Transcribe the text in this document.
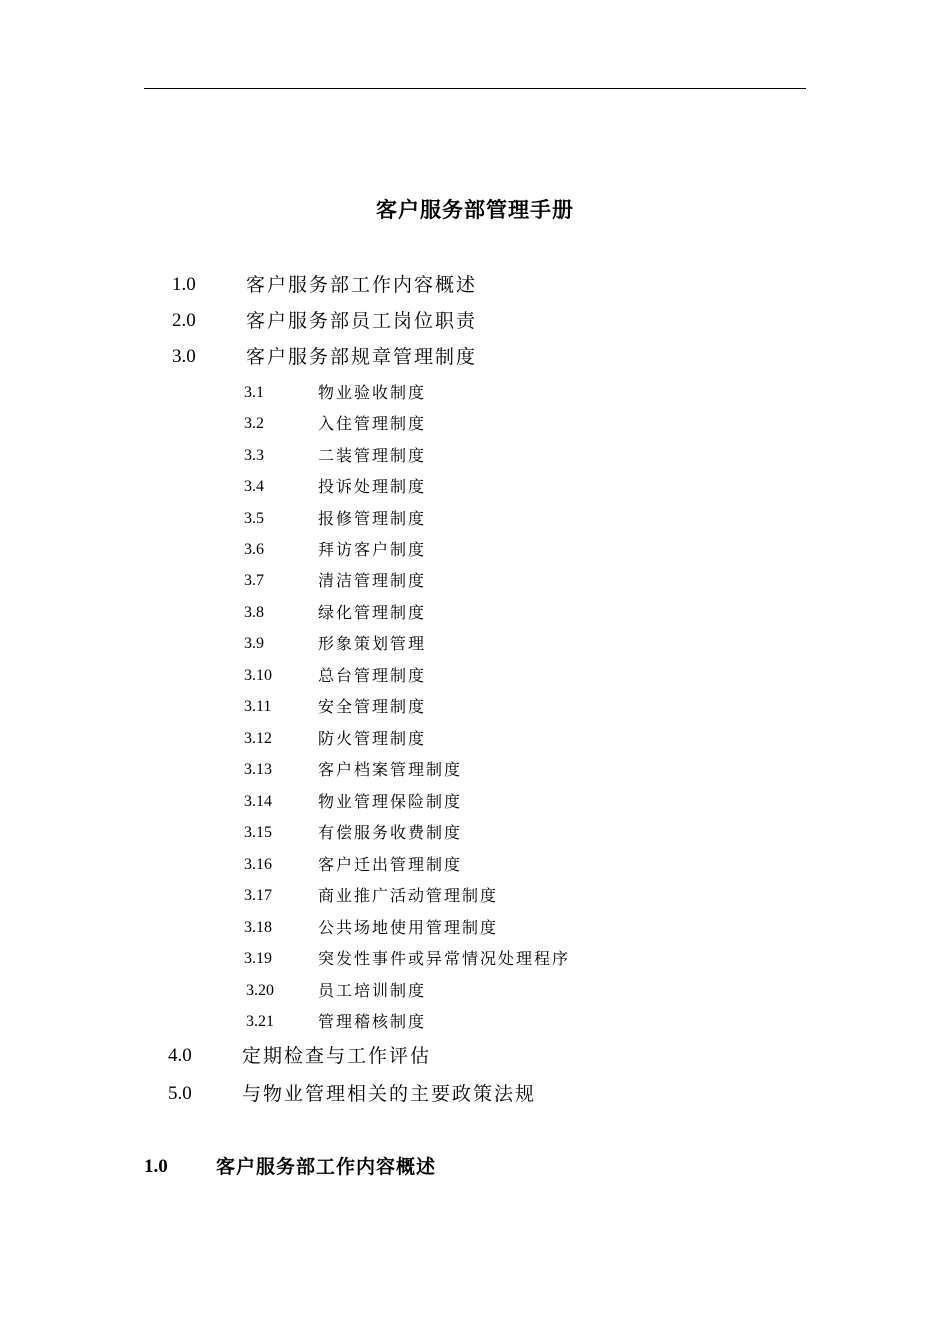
客户服务部管理手册
1.0	客户服务部工作内容概述
2.0	客户服务部员工岗位职责
3.0	客户服务部规章管理制度
3.1	物业验收制度
3.2	入住管理制度
3.3	二装管理制度
3.4	投诉处理制度
3.5	报修管理制度
3.6	拜访客户制度
3.7	清洁管理制度
3.8	绿化管理制度
3.9	形象策划管理
3.10	总台管理制度
3.11	安全管理制度
3.12	防火管理制度
3.13	客户档案管理制度
3.14	物业管理保险制度
3.15	有偿服务收费制度
3.16	客户迁出管理制度
3.17	商业推广活动管理制度
3.18	公共场地使用管理制度
3.19	突发性事件或异常情况处理程序
3.20	员工培训制度
3.21	管理稽核制度
4.0	定期检查与工作评估
5.0	与物业管理相关的主要政策法规
1.0	客户服务部工作内容概述
